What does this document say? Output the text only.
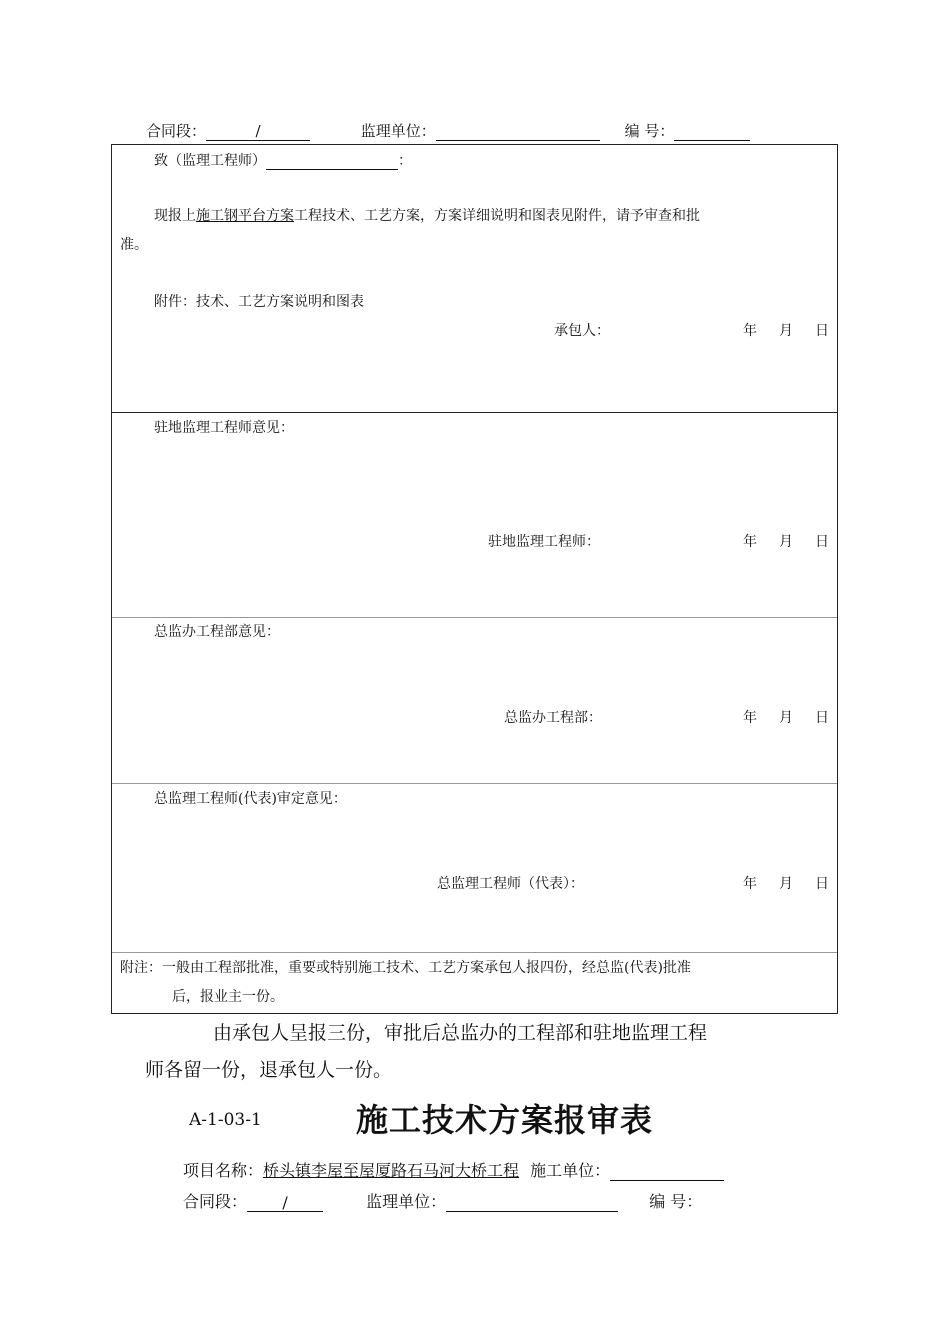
合同段：	/	监理单位：	编 号：
致（监理工程师）	：
现报上施工钢平台方案工程技术、工艺方案，方案详细说明和图表见附件，请予审查和批
准。
附件：技术、工艺方案说明和图表
承包人：	年 月 日
驻地监理工程师意见：
驻地监理工程师：	年 月 日
总监办工程部意见：
总监办工程部：	年 月 日
总监理工程师(代表)审定意见：
总监理工程师（代表）：	年 月 日
附注：一般由工程部批准，重要或特别施工技术、工艺方案承包人报四份，经总监(代表)批准
后，报业主一份。
由承包人呈报三份，审批后总监办的工程部和驻地监理工程
师各留一份，退承包人一份。
A-1-03-1	施工技术方案报审表
项目名称：桥头镇李屋至屋厦路石马河大桥工程 施工单位：
合同段： /	监理单位：	编 号：
